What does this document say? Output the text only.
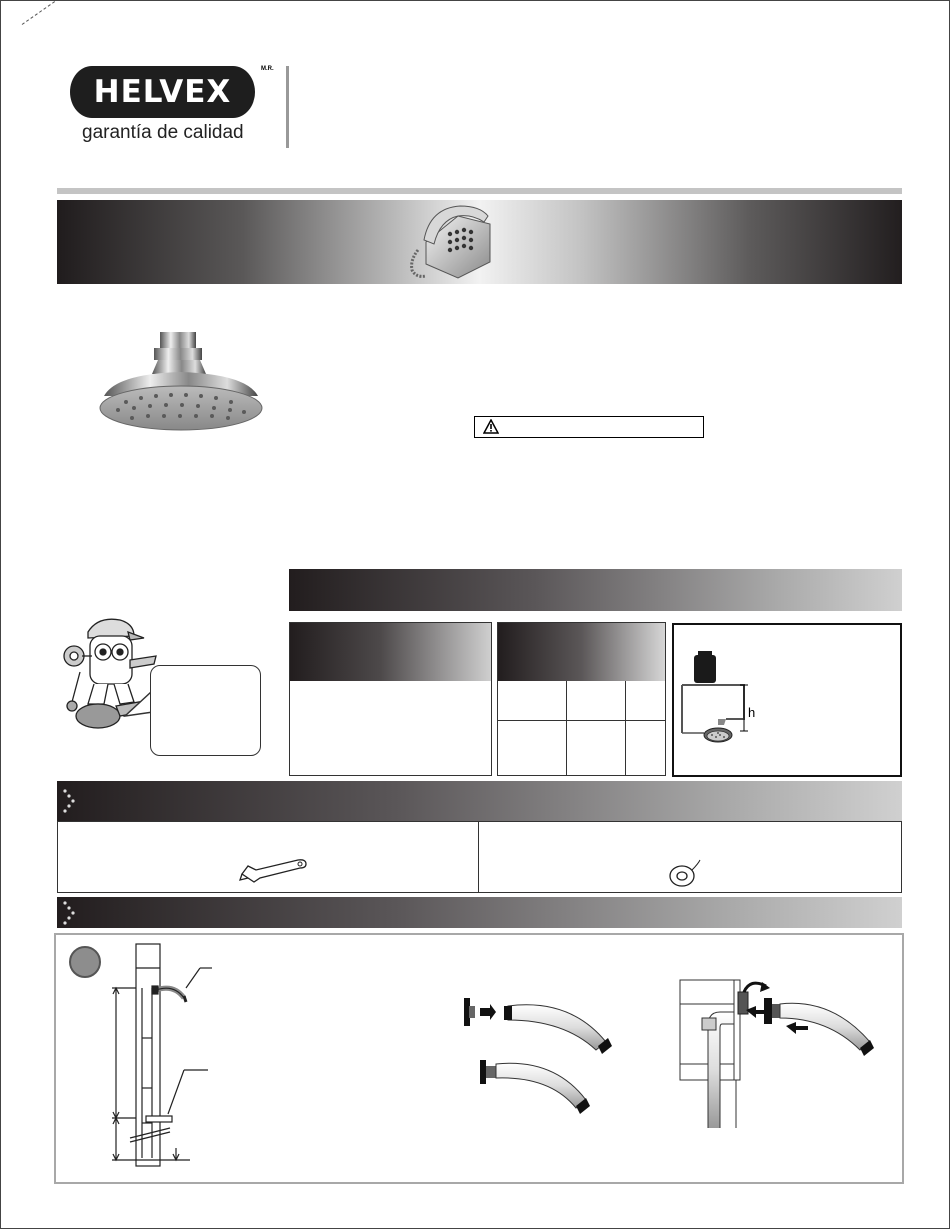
HELVEX
M.R.
garantía de calidad
h
